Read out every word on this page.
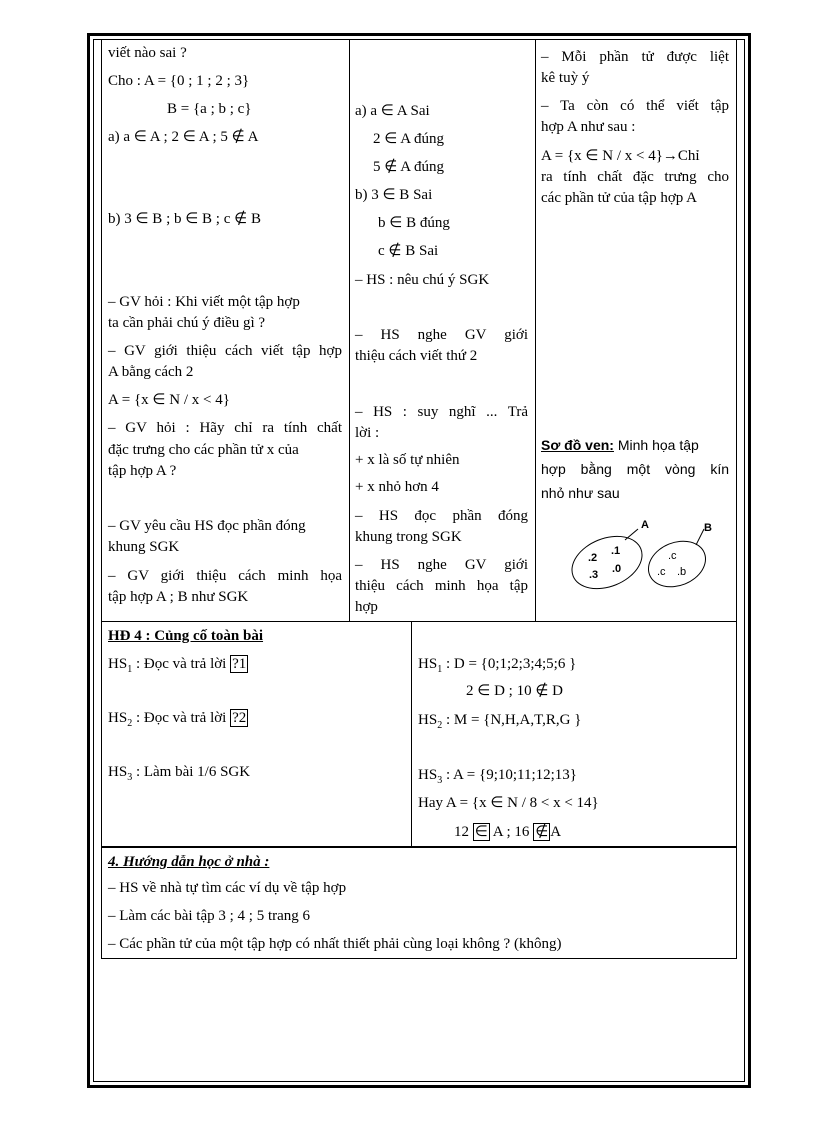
viết nào sai ?
Cho : A = {0 ; 1 ; 2 ; 3}
B = {a ; b ; c}
a) a ∈ A ; 2 ∈ A ; 5 ∉ A
b) 3 ∈ B ; b ∈ B ; c ∉ B
– GV hỏi : Khi viết một tập hợp
ta cần phải chú ý điều gì ?
– GV giới thiệu cách viết tập hợp
A bằng cách 2
A = {x ∈ N / x < 4}
– GV hỏi : Hãy chỉ ra tính chất
đặc trưng cho các phần tử x của
tập hợp A ?
– GV yêu cầu HS đọc phần đóng
khung SGK
– GV giới thiệu cách minh họa
tập hợp A ; B như SGK
a) a ∈ A Sai
2 ∈ A đúng
5 ∉ A đúng
b) 3 ∈ B Sai
b ∈ B đúng
c ∉ B Sai
– HS : nêu chú ý SGK
– HS nghe GV giới
thiệu cách viết thứ 2
– HS : suy nghĩ ... Trả
lời :
+ x là số tự nhiên
+ x nhỏ hơn 4
– HS đọc phần đóng
khung trong SGK
– HS nghe GV giới
thiệu cách minh họa tập
hợp
– Mỗi phần tử được liệt
kê tuỳ ý
– Ta còn có thể viết tập
hợp A như sau :
A = {x ∈ N / x < 4}→Chỉ
ra tính chất đặc trưng cho
các phần tử của tập hợp A
Sơ đồ ven: Minh họa tập
hợp bằng một vòng kín
nhỏ như sau
A	B
.2
.1
.3 .0
.c
.c .b
HĐ 4 : Củng cố toàn bài
$HS_1$ : Đọc và trả lời ?1
$HS_2$ : Đọc và trả lời ?2
$HS_3$ : Làm bài 1/6 SGK
$HS_1$ : D = {0;1;2;3;4;5;6 }
2 ∈ D ; 10 ∉ D
$HS_2$ : M = {N,H,A,T,R,G }
$HS_3$ : A = {9;10;11;12;13}
Hay A = {x ∈ N / 8 < x < 14}
12 ∈ A ; 16 ∉ A
4. Hướng dẫn học ở nhà :
– HS về nhà tự tìm các ví dụ về tập hợp
– Làm các bài tập 3 ; 4 ; 5 trang 6
– Các phần tử của một tập hợp có nhất thiết phải cùng loại không ? (không)
